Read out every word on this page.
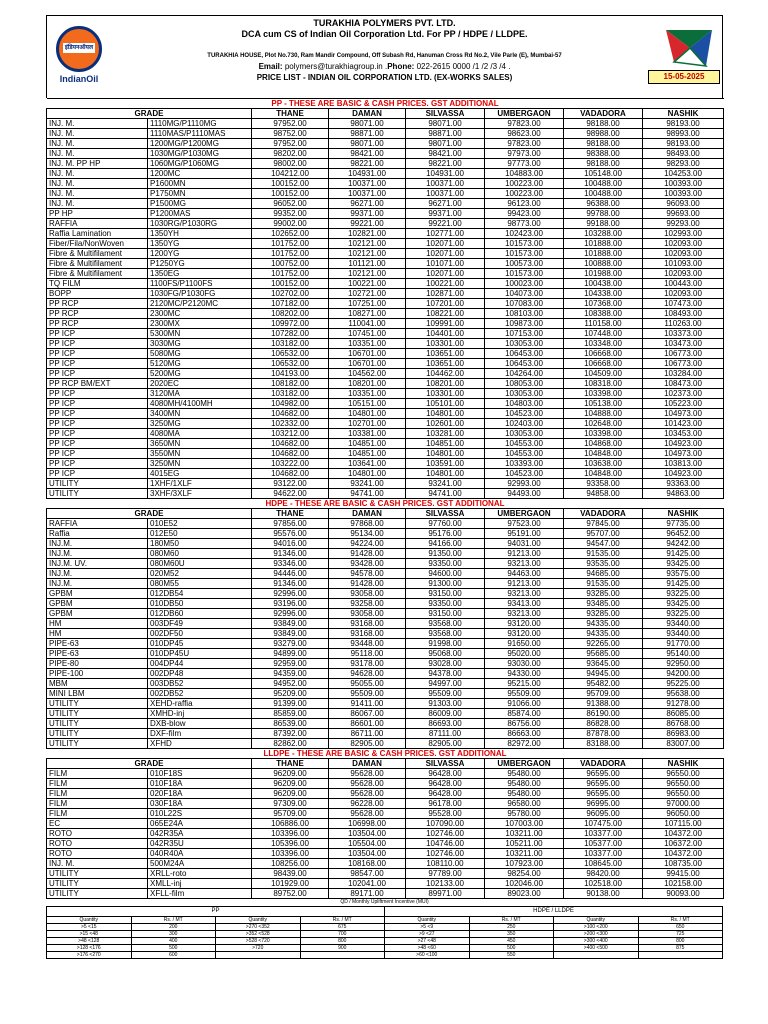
इंडियनऑयल
IndianOil
TURAKHIA POLYMERS PVT. LTD.
DCA cum CS of Indian Oil Corporation Ltd. For PP / HDPE / LLDPE.
TURAKHIA HOUSE, Plot No.730, Ram Mandir Compound, Off Subash Rd, Hanuman Cross Rd No.2, Vile Parle (E), Mumbai-57
Email: polymers@turakhiagroup.in .Phone: 022-2615 0000 /1 /2 /3 /4 .
PRICE LIST - INDIAN OIL CORPORATION LTD. (EX-WORKS SALES)	15-05-2025
PP - THESE ARE BASIC & CASH PRICES. GST ADDITIONAL							
GRADE		THANE	DAMAN	SILVASSA	UMBERGAON	VADADORA	NASHIK
INJ. M.	1110MG/P1110MG	97952.00	98071.00	98071.00	97823.00	98188.00	98193.00
INJ. M.	1110MAS/P1110MAS	98752.00	98871.00	98871.00	98623.00	98988.00	98993.00
INJ. M.	1200MG/P1200MG	97952.00	98071.00	98071.00	97823.00	98188.00	98193.00
INJ. M.	1030MG/P1030MG	98202.00	98421.00	98421.00	97973.00	98388.00	98493.00
INJ. M. PP HP	1060MG/P1060MG	98002.00	98221.00	98221.00	97773.00	98188.00	98293.00
INJ. M.	1200MC	104212.00	104931.00	104931.00	104883.00	105148.00	104253.00
INJ. M.	P1600MN	100152.00	100371.00	100371.00	100223.00	100488.00	100393.00
INJ. M.	P1750MN	100152.00	100371.00	100371.00	100223.00	100488.00	100393.00
INJ. M.	P1500MG	96052.00	96271.00	96271.00	96123.00	96388.00	96093.00
PP HP	P1200MAS	99352.00	99371.00	99371.00	99423.00	99788.00	99693.00
RAFFIA	1030RG/P1030RG	99002.00	99221.00	99221.00	98773.00	99188.00	99293.00
Raffia Lamination	1350YH	102652.00	102821.00	102771.00	102423.00	103288.00	102993.00
Fiber/Fila/NonWoven	1350YG	101752.00	102121.00	102071.00	101573.00	101888.00	102093.00
Fibre & Multifilament	1200YG	101752.00	102121.00	102071.00	101573.00	101888.00	102093.00
Fibre & Multifilament	P1250YG	100752.00	101121.00	101071.00	100573.00	100888.00	101093.00
Fibre & Multifilament	1350EG	101752.00	102121.00	102071.00	101573.00	101988.00	102093.00
TQ FILM	1100FS/P1100FS	100152.00	100221.00	100221.00	100023.00	100438.00	100443.00
BOPP	1030FG/P1030FG	102702.00	102721.00	102871.00	104073.00	104338.00	102093.00
PP RCP	2120MC/P2120MC	107182.00	107251.00	107201.00	107083.00	107368.00	107473.00
PP RCP	2300MC	108202.00	108271.00	108221.00	108103.00	108388.00	108493.00
PP RCP	2300MX	109972.00	110041.00	109991.00	109873.00	110158.00	110263.00
PP ICP	5300MN	107282.00	107451.00	104401.00	107153.00	107448.00	103373.00
PP ICP	3030MG	103182.00	103351.00	103301.00	103053.00	103348.00	103473.00
PP ICP	5080MG	106532.00	106701.00	103651.00	106453.00	106668.00	106773.00
PP ICP	5120MG	106532.00	106701.00	103651.00	106453.00	106668.00	106773.00
PP ICP	5200MG	104193.00	104562.00	104462.00	104264.00	104509.00	103284.00
PP RCP BM/EXT	2020EC	108182.00	108201.00	108201.00	108053.00	108318.00	108473.00
PP ICP	3120MA	103182.00	103351.00	103301.00	103053.00	103398.00	102373.00
PP ICP	4080MH/4100MH	104982.00	105151.00	105101.00	104803.00	105138.00	105223.00
PP ICP	3400MN	104682.00	104801.00	104801.00	104523.00	104888.00	104973.00
PP ICP	3250MG	102332.00	102701.00	102601.00	102403.00	102648.00	101423.00
PP ICP	4080MA	103212.00	103381.00	103281.00	103053.00	103398.00	103453.00
PP ICP	3650MN	104682.00	104851.00	104851.00	104553.00	104868.00	104923.00
PP ICP	3550MN	104682.00	104851.00	104801.00	104553.00	104848.00	104973.00
PP ICP	3250MN	103222.00	103641.00	103591.00	103393.00	103638.00	103813.00
PP ICP	4015EG	104682.00	104801.00	104801.00	104523.00	104848.00	104923.00
UTILITY	1XHF/1XLF	93122.00	93241.00	93241.00	92993.00	93358.00	93363.00
UTILITY	3XHF/3XLF	94622.00	94741.00	94741.00	94493.00	94858.00	94863.00
HDPE - THESE ARE BASIC & CASH PRICES. GST ADDITIONAL							
GRADE		THANE	DAMAN	SILVASSA	UMBERGAON	VADADORA	NASHIK
RAFFIA	010E52	97856.00	97868.00	97760.00	97523.00	97845.00	97735.00
Raffia	012E50	95576.00	95134.00	95176.00	95191.00	95707.00	96452.00
INJ.M.	180M50	94016.00	94224.00	94166.00	94031.00	94547.00	94242.00
INJ.M.	080M60	91346.00	91428.00	91350.00	91213.00	91535.00	91425.00
INJ.M. UV.	080M60U	93346.00	93428.00	93350.00	93213.00	93535.00	93425.00
INJ.M.	020M52	94446.00	94578.00	94600.00	94463.00	94685.00	93575.00
INJ.M.	080M55	91346.00	91428.00	91300.00	91213.00	91535.00	91425.00
GPBM	012DB54	92996.00	93058.00	93150.00	93213.00	93285.00	93225.00
GPBM	010DB50	93196.00	93258.00	93350.00	93413.00	93485.00	93425.00
GPBM	012DB60	92996.00	93058.00	93150.00	93213.00	93285.00	93225.00
HM	003DF49	93849.00	93168.00	93568.00	93120.00	94335.00	93440.00
HM	002DF50	93849.00	93168.00	93568.00	93120.00	94335.00	93440.00
PIPE-63	010DP45	93279.00	93448.00	91998.00	91650.00	92265.00	91770.00
PIPE-63	010DP45U	94899.00	95118.00	95068.00	95020.00	95685.00	95140.00
PIPE-80	004DP44	92959.00	93178.00	93028.00	93030.00	93645.00	92950.00
PIPE-100	002DP48	94359.00	94628.00	94378.00	94330.00	94945.00	94200.00
MBM	003DB52	94952.00	95055.00	94997.00	95215.00	95482.00	95225.00
MINI LBM	002DB52	95209.00	95509.00	95509.00	95509.00	95709.00	95638.00
UTILITY	XEHD-raffia	91399.00	91411.00	91303.00	91066.00	91388.00	91278.00
UTILITY	XMHD-inj	85859.00	86067.00	86009.00	85874.00	86190.00	86085.00
UTILITY	DXB-blow	86539.00	86601.00	86693.00	86756.00	86828.00	86768.00
UTILITY	DXF-film	87392.00	86711.00	87111.00	86663.00	87878.00	86983.00
UTILITY	XFHD	82862.00	82905.00	82905.00	82972.00	83188.00	83007.00
LLDPE - THESE ARE BASIC & CASH PRICES. GST ADDITIONAL							
GRADE		THANE	DAMAN	SILVASSA	UMBERGAON	VADADORA	NASHIK
FILM	010F18S	96209.00	95628.00	96428.00	95480.00	96595.00	96550.00
FILM	010F18A	96209.00	95628.00	96428.00	95480.00	96595.00	96550.00
FILM	020F18A	96209.00	95628.00	96428.00	95480.00	96595.00	96550.00
FILM	030F18A	97309.00	96228.00	96178.00	96580.00	96995.00	97000.00
FILM	010L22S	95709.00	95628.00	95528.00	95780.00	96095.00	96050.00
EC	065E24A	106886.00	106998.00	107090.00	107003.00	107475.00	107115.00
ROTO	042R35A	103396.00	103504.00	102746.00	103211.00	103377.00	104372.00
ROTO	042R35U	105396.00	105504.00	104746.00	105211.00	105377.00	106372.00
ROTO	040R40A	103396.00	103504.00	102746.00	103211.00	103377.00	104372.00
INJ. M.	500M24A	108256.00	108168.00	108110.00	107923.00	108645.00	108735.00
UTILITY	XRLL-roto	98439.00	98547.00	97789.00	98254.00	98420.00	99415.00
UTILITY	XMLL-inj	101929.00	102041.00	102133.00	102046.00	102518.00	102158.00
UTILITY	XFLL-film	89752.00	89171.00	89971.00	89023.00	90138.00	90093.00
QD / Monthly Upliftment Incentive (MUI)
PP				HDPE / LLDPE			
Quantity	Rs. / MT	Quantity	Rs. / MT	Quantity	Rs. / MT	Quantity	Rs. / MT
>5 <15	200	>270 <352	675	>5 <9	250	>100 <200	650
>15 <48	300	>352 <528	700	>9 <27	350	>200 <300	725
>48 <128	400	>528 <720	800	>27 <48	450	>300 <400	800
>128 <176	500	>720	900	>48 <60	500	>400 <500	875
>176 <270	600			>60 <100	550		
